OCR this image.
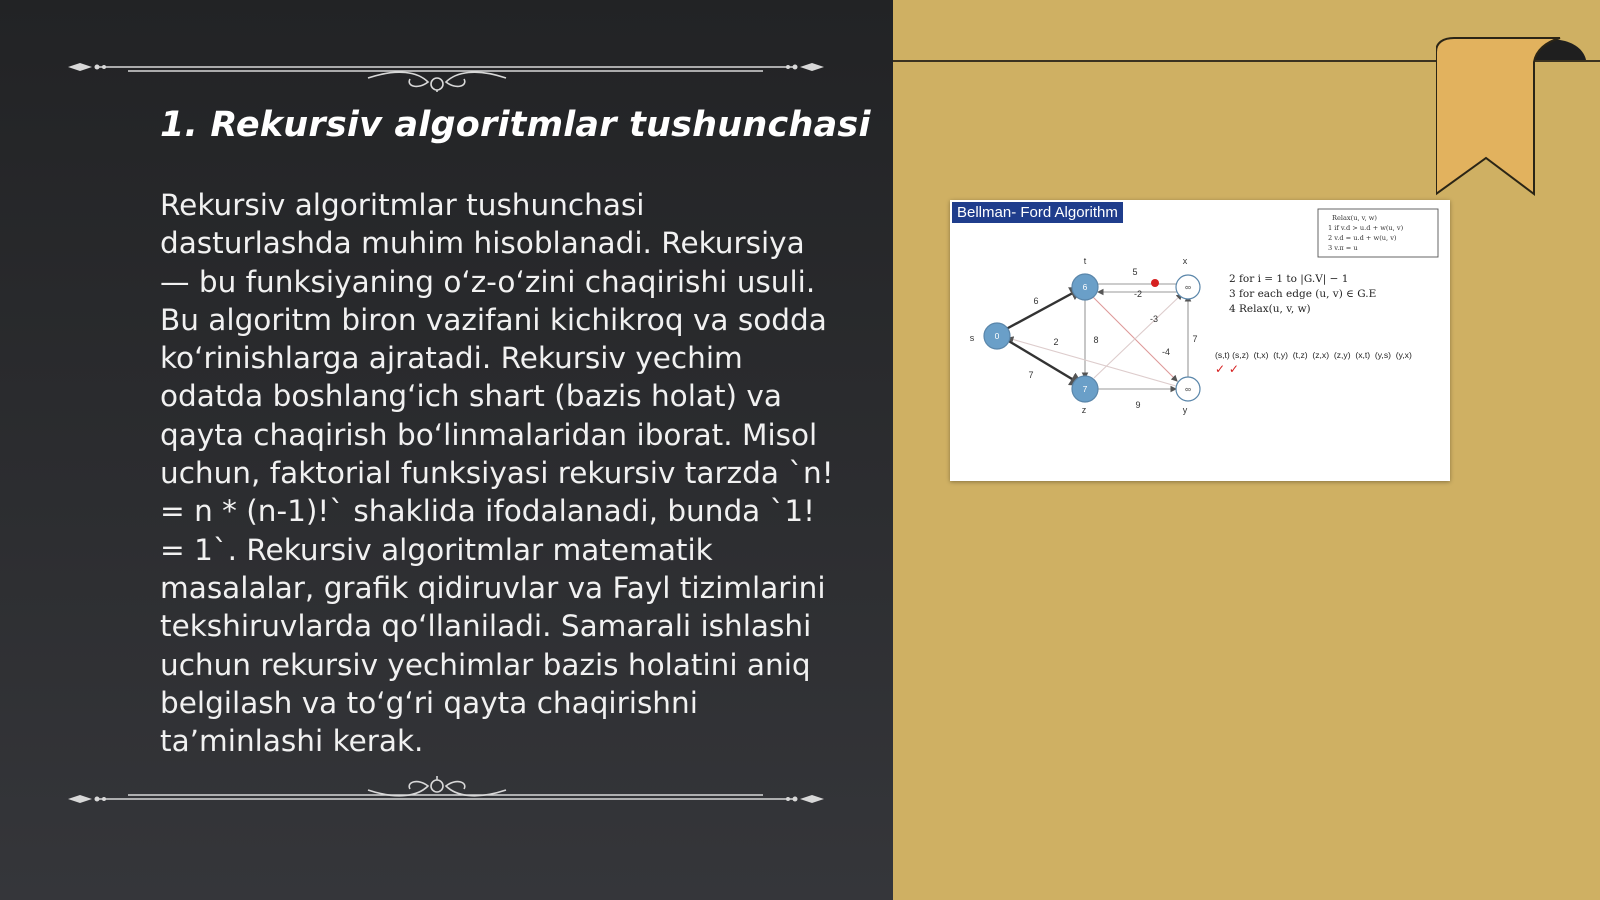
1. Rekursiv algoritmlar tushunchasi

Rekursiv algoritmlar tushunchasi dasturlashda muhim hisoblanadi. Rekursiya — bu funksiyaning oʻz-oʻzini chaqirishi usuli. Bu algoritm biron vazifani kichikroq va sodda koʻrinishlarga ajratadi. Rekursiv yechim odatda boshlangʻich shart (bazis holat) va qayta chaqirish boʻlinmalaridan iborat. Misol uchun, faktorial funksiyasi rekursiv tarzda `n! = n * (n-1)!` shaklida ifodalanadi, bunda `1! = 1`. Rekursiv algoritmlar matematik masalalar, grafik qidiruvlar va Fayl tizimlarini tekshiruvlarda qoʻllaniladi. Samarali ishlashi uchun rekursiv yechimlar bazis holatini aniq belgilash va toʻgʻri qayta chaqirishni taʼminlashi kerak.

0
6
7
∞
∞
s
t	x
z	y
6
7
5
-2
-3
8	7
2
-4
9
Relax(u, v, w)
1 if v.d > u.d + w(u, v)
2 v.d = u.d + w(u, v)
3 v.π = u
2 for i = 1 to |G.V| − 1
3 for each edge (u, v) ∈ G.E
4 Relax(u, v, w)
(s,t) (s,z)  (t,x)  (t,y)  (t,z)  (z,x)  (z,y)  (x,t)  (y,s)  (y,x)
✓ ✓
Bellman- Ford Algorithm
